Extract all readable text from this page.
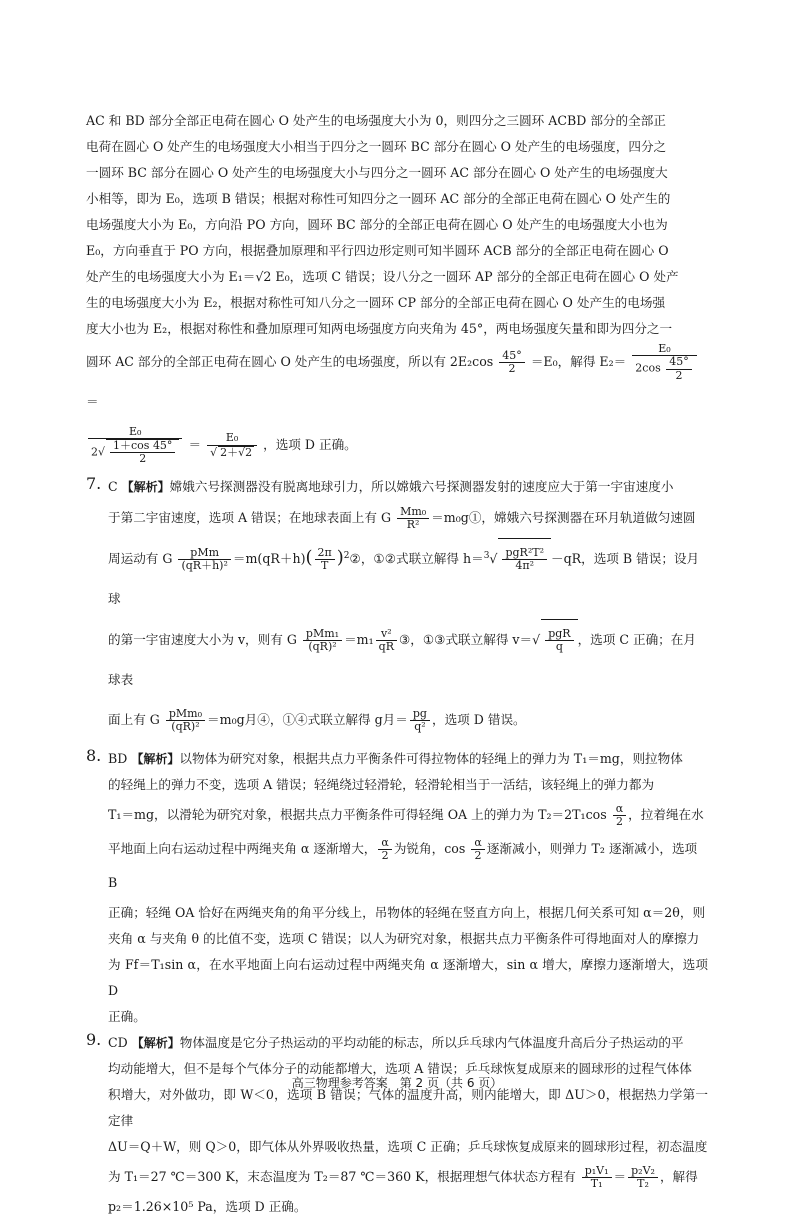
AC 和 BD 部分全部正电荷在圆心 O 处产生的电场强度大小为 0，则四分之三圆环 ACBD 部分的全部正

电荷在圆心 O 处产生的电场强度大小相当于四分之一圆环 BC 部分在圆心 O 处产生的电场强度，四分之

一圆环 BC 部分在圆心 O 处产生的电场强度大小与四分之一圆环 AC 部分在圆心 O 处产生的电场强度大

小相等，即为 E₀，选项 B 错误；根据对称性可知四分之一圆环 AC 部分的全部正电荷在圆心 O 处产生的

电场强度大小为 E₀，方向沿 PO 方向，圆环 BC 部分的全部正电荷在圆心 O 处产生的电场强度大小也为

E₀，方向垂直于 PO 方向，根据叠加原理和平行四边形定则可知半圆环 ACB 部分的全部正电荷在圆心 O

处产生的电场强度大小为 E₁＝√2 E₀，选项 C 错误；设八分之一圆环 AP 部分的全部正电荷在圆心 O 处产

生的电场强度大小为 E₂，根据对称性可知八分之一圆环 CP 部分的全部正电荷在圆心 O 处产生的电场强

度大小也为 E₂，根据对称性和叠加原理可知两电场强度方向夹角为 45°，两电场强度矢量和即为四分之一

圆环 AC 部分的全部正电荷在圆心 O 处产生的电场强度，所以有 $2E_2\cos \frac{45^\circ}{2} =E_0$，解得 $E_2= \frac{\text{E₀}}{2\cos \frac{45^\circ}{2}}$
＝

$\frac{\text{E₀}}{2√ \frac{1+\cos 45^\circ}{2}} = \frac{\text{E₀}}{√ 2+√2}$ ，选项 D 正确。

7. C 【解析】嫦娥六号探测器没有脱离地球引力，所以嫦娥六号探测器发射的速度应大于第一宇宙速度小

于第二宇宙速度，选项 A 错误；在地球表面上有 G $\frac{\text{Mm₀}}{\text{R²}}$ ＝m₀g①，嫦娥六号探测器在环月轨道做匀速圆

周运动有 G $\frac{\text{pMm}}{\text{(qR＋h)²}} =m(qR+h)( \frac{2\pi}{T}$ )$^2②$，①②式联立解得 $h=^3√ \frac{\text{pgR²T²}}{\text{4π²}} -qR$，选项 B 错误；设月球

的第一宇宙速度大小为 v，则有 G $\frac{\text{pMm₁}}{\text{(qR)²}} =m_1 \frac{\text{v²}}{qR}$ ③，①③式联立解得 $v=√ \frac{\text{pgR}}{q}$ ，选项 C 正确；在月球表

面上有 G $\frac{\text{pMm₀}}{\text{(qR)²}} =m_0g$月④，①④式联立解得 g月＝ $\frac{pg}{\text{q²}}$ ，选项 D 错误。

8. BD 【解析】以物体为研究对象，根据共点力平衡条件可得拉物体的轻绳上的弹力为 T₁＝mg，则拉物体

的轻绳上的弹力不变，选项 A 错误；轻绳绕过轻滑轮，轻滑轮相当于一活结，该轻绳上的弹力都为

T₁＝mg，以滑轮为研究对象，根据共点力平衡条件可得轻绳 OA 上的弹力为 $T_2=2T_1\cos \frac{\alpha}{2}$ ，拉着绳在水

平地面上向右运动过程中两绳夹角 α 逐渐增大， $\frac{\alpha}{2}$ 为锐角，$\cos \frac{\alpha}{2}$ 逐渐减小，则弹力 T₂ 逐渐减小，选项 B

正确；轻绳 OA 恰好在两绳夹角的角平分线上，吊物体的轻绳在竖直方向上，根据几何关系可知 α＝2θ，则

夹角 α 与夹角 θ 的比值不变，选项 C 错误；以人为研究对象，根据共点力平衡条件可得地面对人的摩擦力

为 Ff＝T₁sin α，在水平地面上向右运动过程中两绳夹角 α 逐渐增大，sin α 增大，摩擦力逐渐增大，选项 D

正确。

9. CD 【解析】物体温度是它分子热运动的平均动能的标志，所以乒乓球内气体温度升高后分子热运动的平

均动能增大，但不是每个气体分子的动能都增大，选项 A 错误；乒乓球恢复成原来的圆球形的过程气体体

积增大，对外做功，即 W＜0，选项 B 错误；气体的温度升高，则内能增大，即 ΔU＞0，根据热力学第一定律

ΔU＝Q＋W，则 Q＞0，即气体从外界吸收热量，选项 C 正确；乒乓球恢复成原来的圆球形过程，初态温度

为 T₁＝27 ℃＝300 K，末态温度为 T₂＝87 ℃＝360 K，根据理想气体状态方程有 $\frac{\text{p₁V₁}}{\text{T₁}} = \frac{\text{p₂V₂}}{\text{T₂}}$ ，解得

p₂＝1.26×10⁵ Pa，选项 D 正确。

高三物理参考答案　第 2 页（共 6 页）
